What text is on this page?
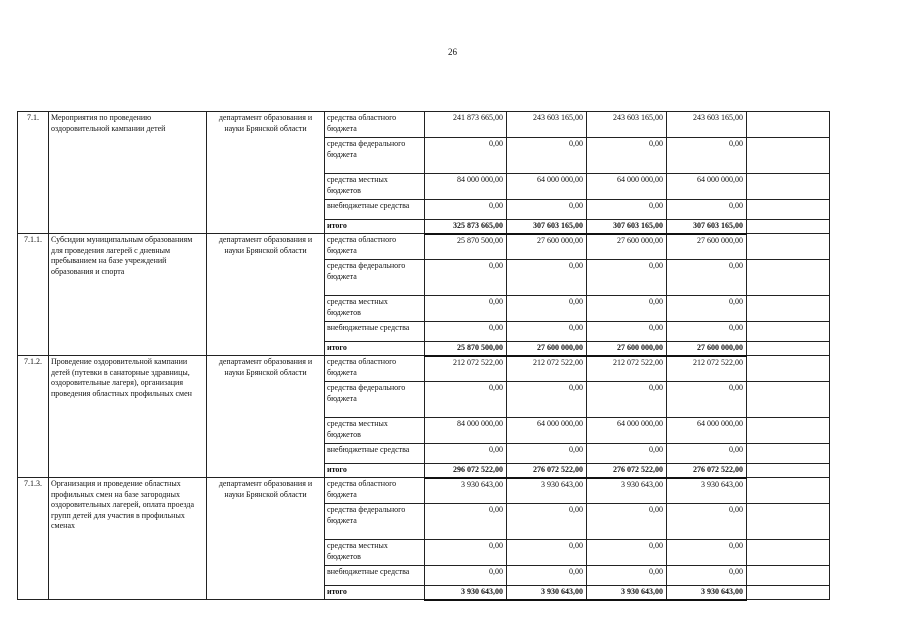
26
7.1.	Мероприятия по проведению оздоровительной кампании детей	департамент образования и науки Брянской области	средства областного бюджета	241 873 665,00	243 603 165,00	243 603 165,00	243 603 165,00	
			средства федерального бюджета	0,00	0,00	0,00	0,00	
			средства местных бюджетов	84 000 000,00	64 000 000,00	64 000 000,00	64 000 000,00	
			внебюджетные средства	0,00	0,00	0,00	0,00	
			итого	325 873 665,00	307 603 165,00	307 603 165,00	307 603 165,00	
7.1.1.	Субсидии муниципальным образованиям для проведения лагерей с дневным пребыванием на базе учреждений образования и спорта	департамент образования и науки Брянской области	средства областного бюджета	25 870 500,00	27 600 000,00	27 600 000,00	27 600 000,00	
			средства федерального бюджета	0,00	0,00	0,00	0,00	
			средства местных бюджетов	0,00	0,00	0,00	0,00	
			внебюджетные средства	0,00	0,00	0,00	0,00	
			итого	25 870 500,00	27 600 000,00	27 600 000,00	27 600 000,00	
7.1.2.	Проведение оздоровительной кампании детей (путевки в санаторные здравницы, оздоровительные лагеря), организация проведения областных профильных смен	департамент образования и науки Брянской области	средства областного бюджета	212 072 522,00	212 072 522,00	212 072 522,00	212 072 522,00	
			средства федерального бюджета	0,00	0,00	0,00	0,00	
			средства местных бюджетов	84 000 000,00	64 000 000,00	64 000 000,00	64 000 000,00	
			внебюджетные средства	0,00	0,00	0,00	0,00	
			итого	296 072 522,00	276 072 522,00	276 072 522,00	276 072 522,00	
7.1.3.	Организация и проведение областных профильных смен на базе загородных оздоровительных лагерей, оплата проезда групп детей для участия в профильных сменах	департамент образования и науки Брянской области	средства областного бюджета	3 930 643,00	3 930 643,00	3 930 643,00	3 930 643,00	
			средства федерального бюджета	0,00	0,00	0,00	0,00	
			средства местных бюджетов	0,00	0,00	0,00	0,00	
			внебюджетные средства	0,00	0,00	0,00	0,00	
			итого	3 930 643,00	3 930 643,00	3 930 643,00	3 930 643,00	
